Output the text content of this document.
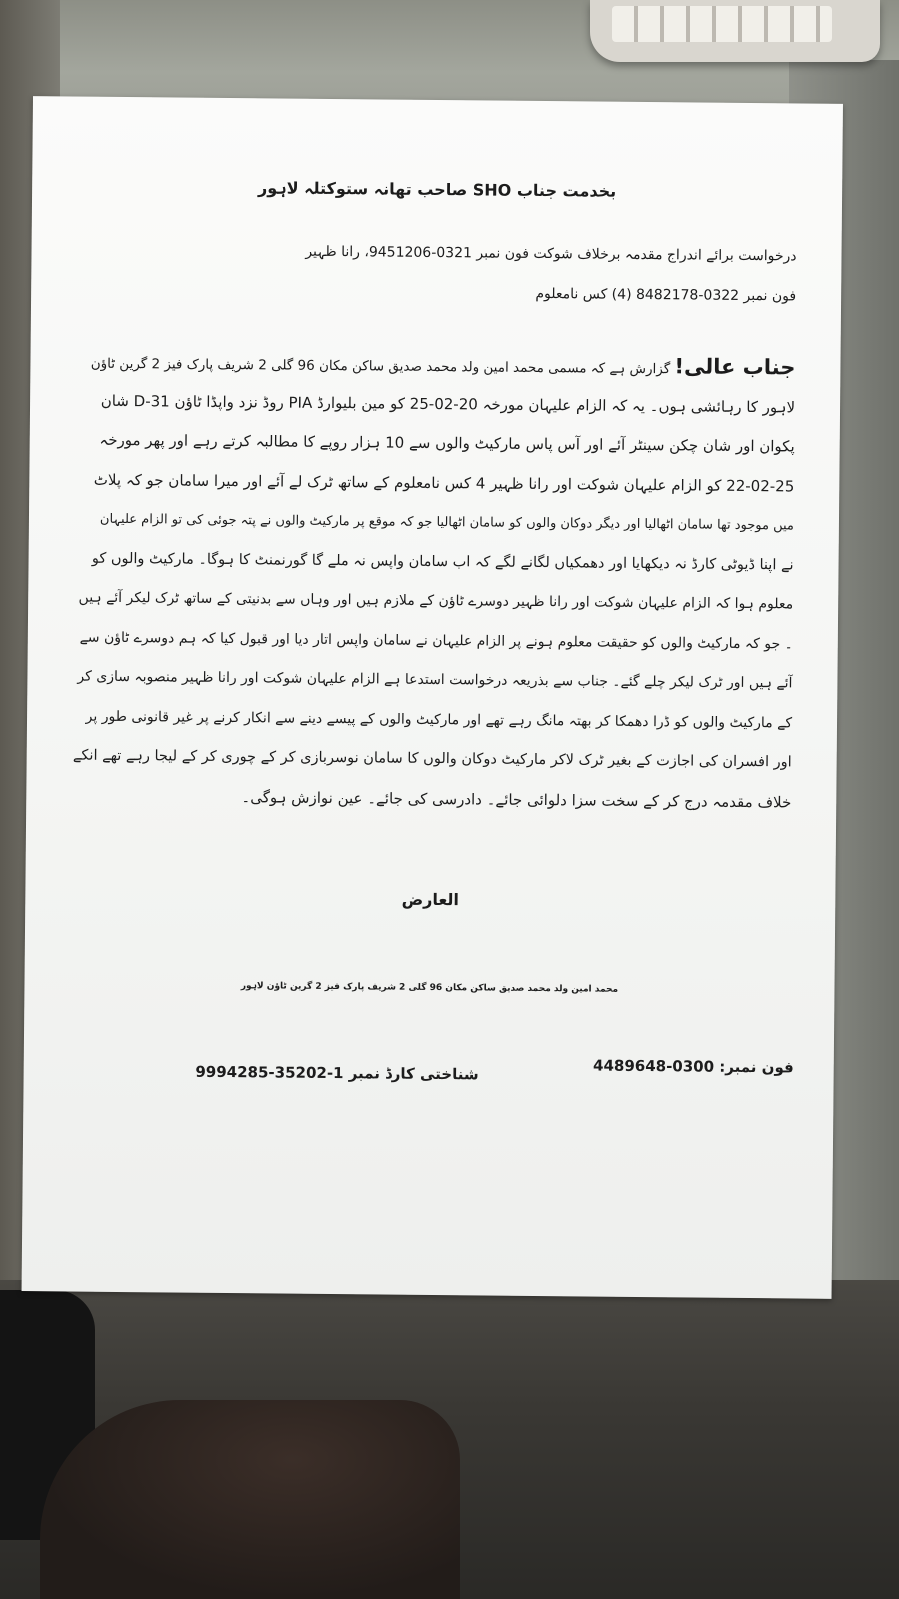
بخدمت جناب SHO صاحب تھانہ ستوکتلہ لاہور
درخواست برائے اندراج مقدمہ برخلاف شوکت فون نمبر 0321-9451206، رانا ظہیر
فون نمبر 0322-8482178 (4) کس نامعلوم
جناب عالی! گزارش ہے کہ مسمی محمد امین ولد محمد صدیق ساکن مکان 96 گلی 2 شریف پارک فیز 2 گرین ٹاؤن
لاہور کا رہائشی ہوں۔ یہ کہ الزام علیہان مورخہ 20-02-25 کو مین بلیوارڈ PIA روڈ نزد واپڈا ٹاؤن D-31 شان
پکوان اور شان چکن سینٹر آئے اور آس پاس مارکیٹ والوں سے 10 ہزار روپے کا مطالبہ کرتے رہے اور پھر مورخہ
22-02-25 کو الزام علیہان شوکت اور رانا ظہیر 4 کس نامعلوم کے ساتھ ٹرک لے آئے اور میرا سامان جو کہ پلاٹ
میں موجود تھا سامان اٹھالیا اور دیگر دوکان والوں کو سامان اٹھالیا جو کہ موقع پر مارکیٹ والوں نے پتہ جوئی کی تو الزام علیہان
نے اپنا ڈیوٹی کارڈ نہ دیکھایا اور دھمکیاں لگانے لگے کہ اب سامان واپس نہ ملے گا گورنمنٹ کا ہوگا۔ مارکیٹ والوں کو
معلوم ہوا کہ الزام علیہان شوکت اور رانا ظہیر دوسرے ٹاؤن کے ملازم ہیں اور وہاں سے بدنیتی کے ساتھ ٹرک لیکر آئے ہیں
۔ جو کہ مارکیٹ والوں کو حقیقت معلوم ہونے پر الزام علیہان نے سامان واپس اتار دیا اور قبول کیا کہ ہم دوسرے ٹاؤن سے
آئے ہیں اور ٹرک لیکر چلے گئے۔ جناب سے بذریعہ درخواست استدعا ہے الزام علیہان شوکت اور رانا ظہیر منصوبہ سازی کر
کے مارکیٹ والوں کو ڈرا دھمکا کر بھتہ مانگ رہے تھے اور مارکیٹ والوں کے پیسے دینے سے انکار کرنے پر غیر قانونی طور پر
اور افسران کی اجازت کے بغیر ٹرک لاکر مارکیٹ دوکان والوں کا سامان نوسربازی کر کے چوری کر کے لیجا رہے تھے انکے
خلاف مقدمہ درج کر کے سخت سزا دلوائی جائے۔ دادرسی کی جائے۔ عین نوازش ہوگی۔
العارض
محمد امین ولد محمد صدیق ساکن مکان 96 گلی 2 شریف پارک فیز 2 گرین ٹاؤن لاہور
فون نمبر: 0300-4489648
شناختی کارڈ نمبر 1-35202-9994285
